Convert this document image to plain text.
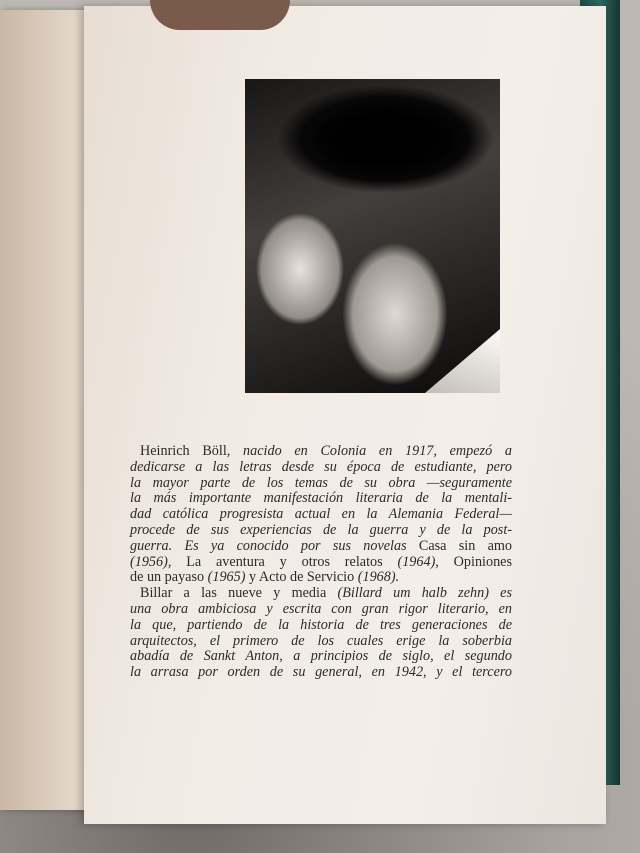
Heinrich Böll, nacido en Colonia en 1917, empezó a
dedicarse a las letras desde su época de estudiante, pero
la mayor parte de los temas de su obra —seguramente
la más importante manifestación literaria de la mentali-
dad católica progresista actual en la Alemania Federal—
procede de sus experiencias de la guerra y de la post-
guerra. Es ya conocido por sus novelas Casa sin amo
(1956), La aventura y otros relatos (1964), Opiniones
de un payaso (1965) y Acto de Servicio (1968).
Billar a las nueve y media (Billard um halb zehn) es
una obra ambiciosa y escrita con gran rigor literario, en
la que, partiendo de la historia de tres generaciones de
arquitectos, el primero de los cuales erige la soberbia
abadía de Sankt Anton, a principios de siglo, el segundo
la arrasa por orden de su general, en 1942, y el tercero
